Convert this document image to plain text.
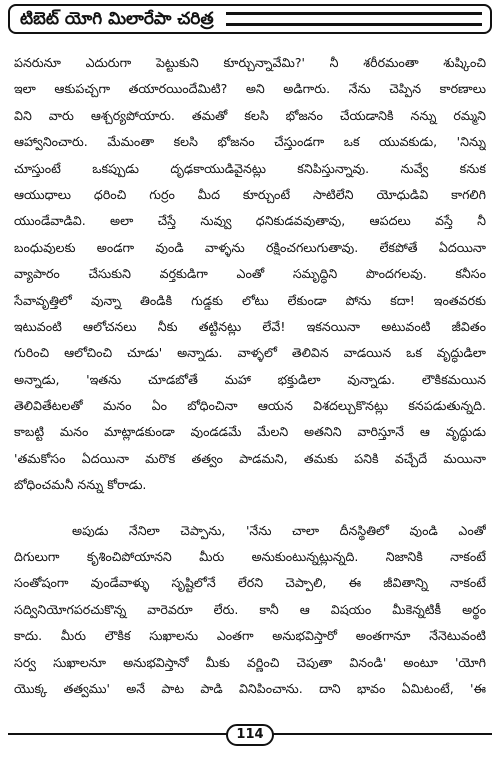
టిబెట్ యోగి మిలారేపా చరిత్ర
పనరునూ ఎదురుగా పెట్టుకుని కూర్చున్నావేమి?' నీ శరీరమంతా శుష్కించి
ఇలా ఆకుపచ్చగా తయారయిందేమిటి? అని అడిగారు. నేను చెప్పిన కారణాలు
విని వారు ఆశ్చర్యపోయారు. తమతో కలసి భోజనం చేయడానికి నన్ను రమ్మని
ఆహ్వానించారు. మేమంతా కలసి భోజనం చేస్తుండగా ఒక యువకుడు, 'నిన్ను
చూస్తుంటే ఒకప్పుడు దృఢకాయుడివైనట్లు కనిపిస్తున్నావు. నువ్వే కనుక
ఆయుధాలు ధరించి గుర్రం మీద కూర్చుంటే సాటిలేని యోధుడివి కాగలిగి
యుండేవాడివి. అలా చేస్తే నువ్వు ధనికుడవవుతావు, ఆపదలు వస్తే నీ
బంధువులకు అండగా వుండి వాళ్ళను రక్షించగలుగుతావు. లేకపోతే ఏదయినా
వ్యాపారం చేసుకుని వర్తకుడిగా ఎంతో సమృద్ధిని పొందగలవు. కనీసం
సేవావృత్తిలో వున్నా తిండికి గుడ్డకు లోటు లేకుండా పోను కదా! ఇంతవరకు
ఇటువంటి ఆలోచనలు నీకు తట్టినట్లు లేవే! ఇకనయినా అటువంటి జీవితం
గురించి ఆలోచించి చూడు' అన్నాడు. వాళ్ళలో తెలివిన వాడయిన ఒక వృద్ధుడిలా
అన్నాడు, 'ఇతను చూడబోతే మహా భక్తుడిలా వున్నాడు. లౌకికమయిన
తెలివితేటలతో మనం ఏం బోధించినా ఆయన విశదల్చుకొనట్లు కనపడుతున్నది.
కాబట్టి మనం మాట్లాడకుండా వుండడమే మేలని అతనిని వారిస్తూనే ఆ వృద్ధుడు
'తమకోసం ఏదయినా మరొక తత్వం పాడమని, తమకు పనికి వచ్చేదే మయినా
బోధించమనీ నన్ను కోరాడు.
అపుడు నేనిలా చెప్పాను, 'నేను చాలా దీనస్థితిలో వుండి ఎంతో
దిగులుగా కృశించిపోయానని మీరు అనుకుంటున్నట్లున్నది. నిజానికి నాకంటే
సంతోషంగా వుండేవాళ్ళు సృష్టిలోనే లేరని చెప్పాలి, ఈ జీవితాన్ని నాకంటే
సద్వినియోగపరచుకొన్న వారెవరూ లేరు. కానీ ఆ విషయం మీకెన్నటికీ అర్థం
కాదు. మీరు లౌకిక సుఖాలను ఎంతగా అనుభవిస్తారో అంతగానూ నేనెటువంటి
సర్వ సుఖాలనూ అనుభవిస్తానో మీకు వర్ణించి చెపుతా వినండి' అంటూ 'యోగి
యొక్క తత్వము' అనే పాట పాడి వినిపించాను. దాని భావం ఏమిటంటే, 'ఈ
114
